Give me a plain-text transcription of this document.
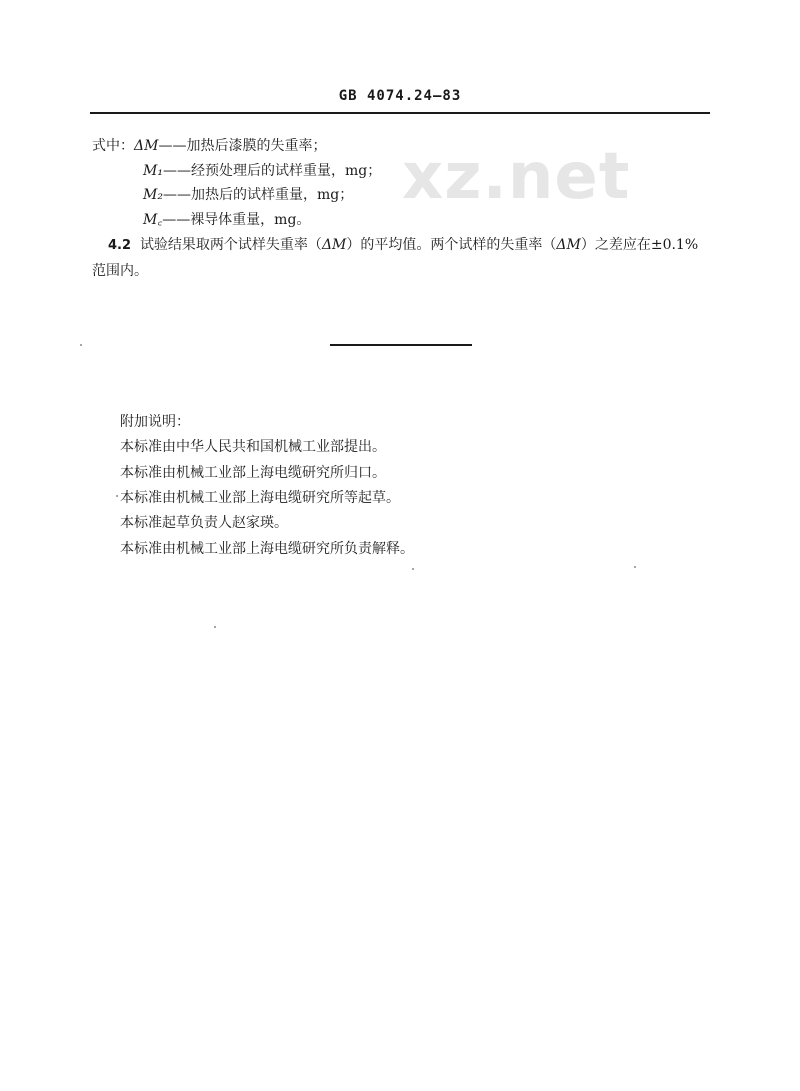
xz.net
GB 4074.24—83
式中：ΔM——加热后漆膜的失重率；
M₁——经预处理后的试样重量，mg；
M₂——加热后的试样重量，mg；
M꜀——裸导体重量，mg。
4.2 试验结果取两个试样失重率（ΔM）的平均值。两个试样的失重率（ΔM）之差应在±0.1%
范围内。
附加说明：
本标准由中华人民共和国机械工业部提出。
本标准由机械工业部上海电缆研究所归口。
本标准由机械工业部上海电缆研究所等起草。
本标准起草负责人赵家瑛。
本标准由机械工业部上海电缆研究所负责解释。
